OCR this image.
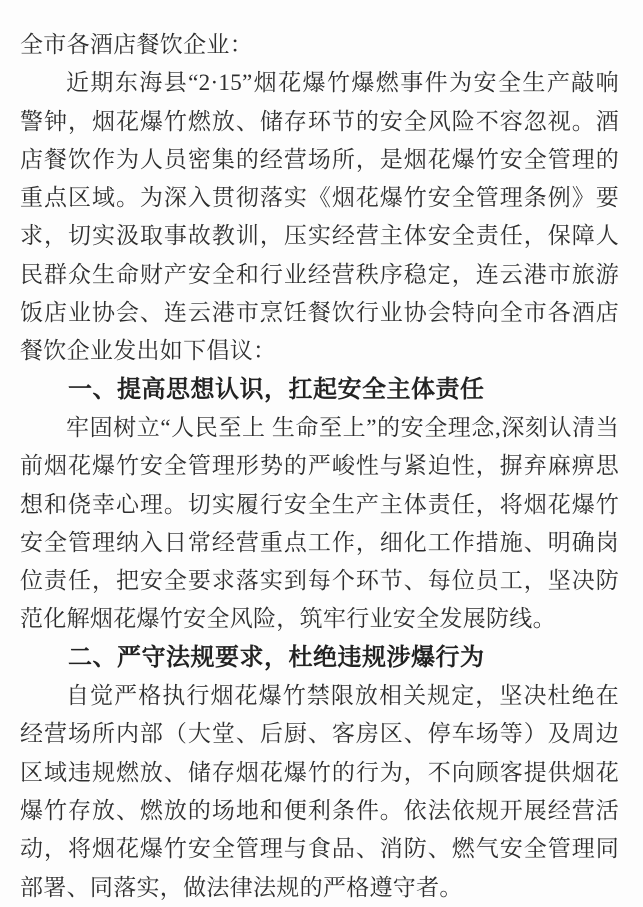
全市各酒店餐饮企业：

近期东海县“2·15”烟花爆竹爆燃事件为安全生产敲响警钟，烟花爆竹燃放、储存环节的安全风险不容忽视。酒店餐饮作为人员密集的经营场所，是烟花爆竹安全管理的重点区域。为深入贯彻落实《烟花爆竹安全管理条例》要求，切实汲取事故教训，压实经营主体安全责任，保障人民群众生命财产安全和行业经营秩序稳定，连云港市旅游饭店业协会、连云港市烹饪餐饮行业协会特向全市各酒店餐饮企业发出如下倡议：

一、提高思想认识，扛起安全主体责任

牢固树立“人民至上 生命至上”的安全理念,深刻认清当前烟花爆竹安全管理形势的严峻性与紧迫性，摒弃麻痹思想和侥幸心理。切实履行安全生产主体责任，将烟花爆竹安全管理纳入日常经营重点工作，细化工作措施、明确岗位责任，把安全要求落实到每个环节、每位员工，坚决防范化解烟花爆竹安全风险，筑牢行业安全发展防线。

二、严守法规要求，杜绝违规涉爆行为

自觉严格执行烟花爆竹禁限放相关规定，坚决杜绝在经营场所内部（大堂、后厨、客房区、停车场等）及周边区域违规燃放、储存烟花爆竹的行为，不向顾客提供烟花爆竹存放、燃放的场地和便利条件。依法依规开展经营活动，将烟花爆竹安全管理与食品、消防、燃气安全管理同部署、同落实，做法律法规的严格遵守者。
